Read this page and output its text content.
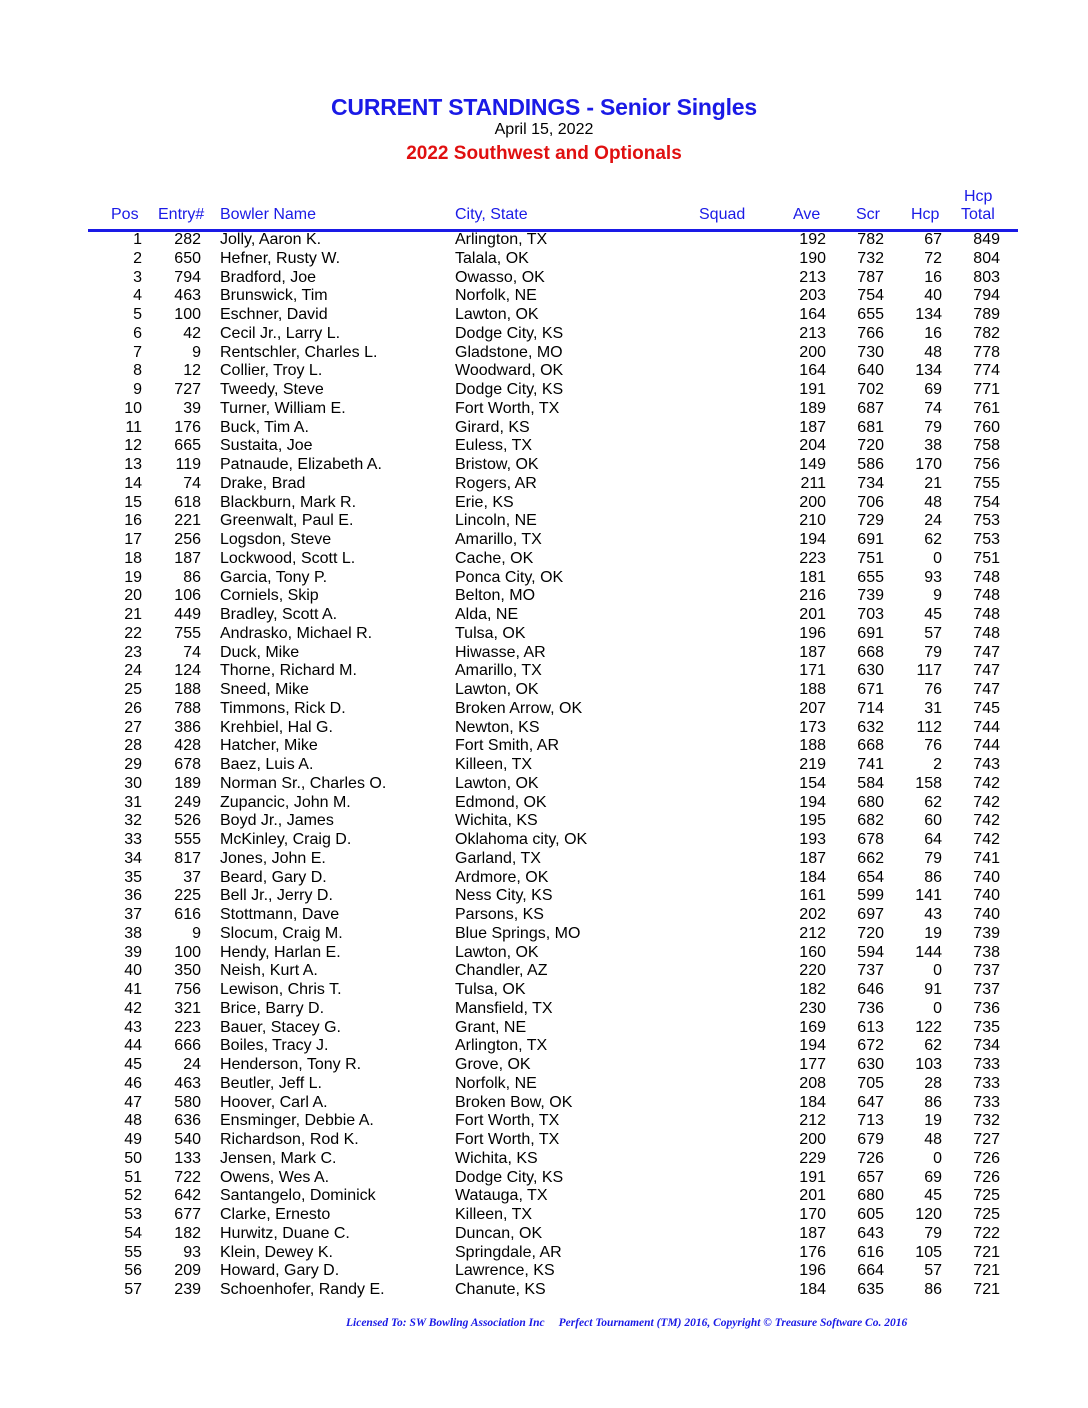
CURRENT STANDINGS - Senior Singles
April 15, 2022
2022 Southwest and Optionals
Pos Entry# Bowler Name	City, State	Squad	Ave Scr Hcp
Hcp
Total
1 282 Jolly, Aaron K.	Arlington, TX	192 782	67 849
2 650 Hefner, Rusty W.	Talala, OK	190 732	72 804
3 794 Bradford, Joe	Owasso, OK	213 787	16 803
4 463 Brunswick, Tim	Norfolk, NE	203 754	40 794
5 100 Eschner, David	Lawton, OK	164 655 134 789
6	42 Cecil Jr., Larry L.	Dodge City, KS	213 766	16 782
7	9 Rentschler, Charles L.	Gladstone, MO	200 730	48 778
8	12 Collier, Troy L.	Woodward, OK	164 640 134 774
9 727 Tweedy, Steve	Dodge City, KS	191 702	69 771
10	39 Turner, William E.	Fort Worth, TX	189 687	74 761
11 176 Buck, Tim A.	Girard, KS	187 681	79 760
12 665 Sustaita, Joe	Euless, TX	204 720	38 758
13 119 Patnaude, Elizabeth A.	Bristow, OK	149 586 170 756
14	74 Drake, Brad	Rogers, AR	211 734	21 755
15 618 Blackburn, Mark R.	Erie, KS	200 706	48 754
16 221 Greenwalt, Paul E.	Lincoln, NE	210 729	24 753
17 256 Logsdon, Steve	Amarillo, TX	194 691	62 753
18 187 Lockwood, Scott L.	Cache, OK	223 751	0 751
19	86 Garcia, Tony P.	Ponca City, OK	181 655	93 748
20 106 Corniels, Skip	Belton, MO	216 739	9 748
21 449 Bradley, Scott A.	Alda, NE	201 703	45 748
22 755 Andrasko, Michael R.	Tulsa, OK	196 691	57 748
23	74 Duck, Mike	Hiwasse, AR	187 668	79 747
24 124 Thorne, Richard M.	Amarillo, TX	171 630 117 747
25 188 Sneed, Mike	Lawton, OK	188 671	76 747
26 788 Timmons, Rick D.	Broken Arrow, OK	207 714	31 745
27 386 Krehbiel, Hal G.	Newton, KS	173 632 112 744
28 428 Hatcher, Mike	Fort Smith, AR	188 668	76 744
29 678 Baez, Luis A.	Killeen, TX	219 741	2 743
30 189 Norman Sr., Charles O.	Lawton, OK	154 584 158 742
31 249 Zupancic, John M.	Edmond, OK	194 680	62 742
32 526 Boyd Jr., James	Wichita, KS	195 682	60 742
33 555 McKinley, Craig D.	Oklahoma city, OK	193 678	64 742
34 817 Jones, John E.	Garland, TX	187 662	79 741
35	37 Beard, Gary D.	Ardmore, OK	184 654	86 740
36 225 Bell Jr., Jerry D.	Ness City, KS	161 599 141 740
37 616 Stottmann, Dave	Parsons, KS	202 697	43 740
38	9 Slocum, Craig M.	Blue Springs, MO	212 720	19 739
39 100 Hendy, Harlan E.	Lawton, OK	160 594 144 738
40 350 Neish, Kurt A.	Chandler, AZ	220 737	0 737
41 756 Lewison, Chris T.	Tulsa, OK	182 646	91 737
42 321 Brice, Barry D.	Mansfield, TX	230 736	0 736
43 223 Bauer, Stacey G.	Grant, NE	169 613 122 735
44 666 Boiles, Tracy J.	Arlington, TX	194 672	62 734
45	24 Henderson, Tony R.	Grove, OK	177 630 103 733
46 463 Beutler, Jeff L.	Norfolk, NE	208 705	28 733
47 580 Hoover, Carl A.	Broken Bow, OK	184 647	86 733
48 636 Ensminger, Debbie A.	Fort Worth, TX	212 713	19 732
49 540 Richardson, Rod K.	Fort Worth, TX	200 679	48 727
50 133 Jensen, Mark C.	Wichita, KS	229 726	0 726
51 722 Owens, Wes A.	Dodge City, KS	191 657	69 726
52 642 Santangelo, Dominick	Watauga, TX	201 680	45 725
53 677 Clarke, Ernesto	Killeen, TX	170 605 120 725
54 182 Hurwitz, Duane C.	Duncan, OK	187 643	79 722
55	93 Klein, Dewey K.	Springdale, AR	176 616 105 721
56 209 Howard, Gary D.	Lawrence, KS	196 664	57 721
57 239 Schoenhofer, Randy E.	Chanute, KS	184 635	86 721
Licensed To: SW Bowling Association Inc Perfect Tournament (TM) 2016, Copyright © Treasure Software Co. 2016
